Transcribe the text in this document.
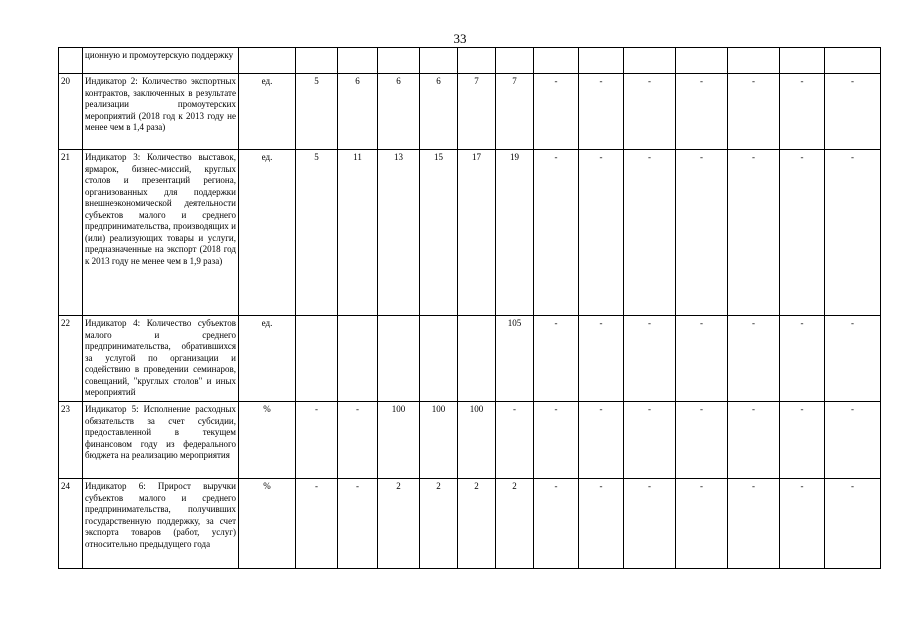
33
	ционную и промоутерскую поддержку														
20	Индикатор 2: Количество экспортных контрактов, заключенных в результате реализации промоутерских мероприятий (2018 год к 2013 году не менее чем в 1,4 раза)	ед.	5	6	6	6	7	7	-	-	-	-	-	-	-
21	Индикатор 3: Количество выставок, ярмарок, бизнес-миссий, круглых столов и презентаций региона, организованных для поддержки внешнеэкономической деятельности субъектов малого и среднего предпринимательства, производящих и (или) реализующих товары и услуги, предназначенные на экспорт (2018 год к 2013 году не менее чем в 1,9 раза)	ед.	5	11	13	15	17	19	-	-	-	-	-	-	-
22	Индикатор 4: Количество субъектов малого и среднего предпринимательства, обратившихся за услугой по организации и содействию в проведении семинаров, совещаний, "круглых столов" и иных мероприятий	ед.						105	-	-	-	-	-	-	-
23	Индикатор 5: Исполнение расходных обязательств за счет субсидии, предоставленной в текущем финансовом году из федерального бюджета на реализацию мероприятия	%	-	-	100	100	100	-	-	-	-	-	-	-	-
24	Индикатор 6: Прирост выручки субъектов малого и среднего предпринимательства, получивших государственную поддержку, за счет экспорта товаров (работ, услуг) относительно предыдущего года	%	-	-	2	2	2	2	-	-	-	-	-	-	-
